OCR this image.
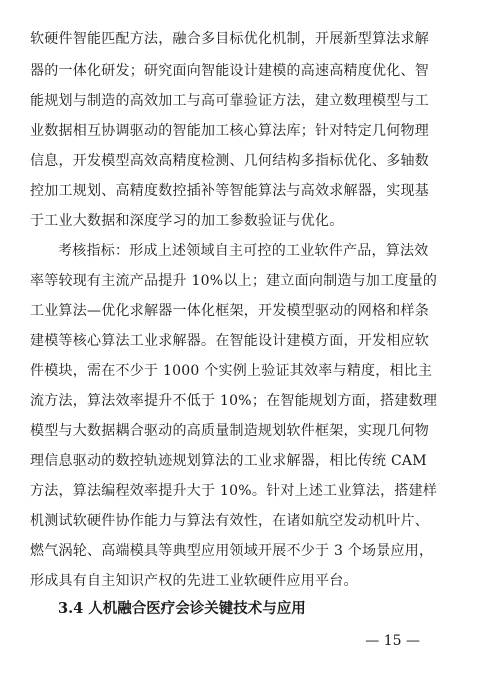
软硬件智能匹配方法，融合多目标优化机制，开展新型算法求解
器的一体化研发；研究面向智能设计建模的高速高精度优化、智
能规划与制造的高效加工与高可靠验证方法，建立数理模型与工
业数据相互协调驱动的智能加工核心算法库；针对特定几何物理
信息，开发模型高效高精度检测、几何结构多指标优化、多轴数
控加工规划、高精度数控插补等智能算法与高效求解器，实现基
于工业大数据和深度学习的加工参数验证与优化。
考核指标：形成上述领域自主可控的工业软件产品，算法效
率等较现有主流产品提升 10%以上；建立面向制造与加工度量的
工业算法—优化求解器一体化框架，开发模型驱动的网格和样条
建模等核心算法工业求解器。在智能设计建模方面，开发相应软
件模块，需在不少于 1000 个实例上验证其效率与精度，相比主
流方法，算法效率提升不低于 10%；在智能规划方面，搭建数理
模型与大数据耦合驱动的高质量制造规划软件框架，实现几何物
理信息驱动的数控轨迹规划算法的工业求解器，相比传统 CAM
方法，算法编程效率提升大于 10%。针对上述工业算法，搭建样
机测试软硬件协作能力与算法有效性，在诸如航空发动机叶片、
燃气涡轮、高端模具等典型应用领域开展不少于 3 个场景应用，
形成具有自主知识产权的先进工业软硬件应用平台。
3.4 人机融合医疗会诊关键技术与应用
— 15 —
